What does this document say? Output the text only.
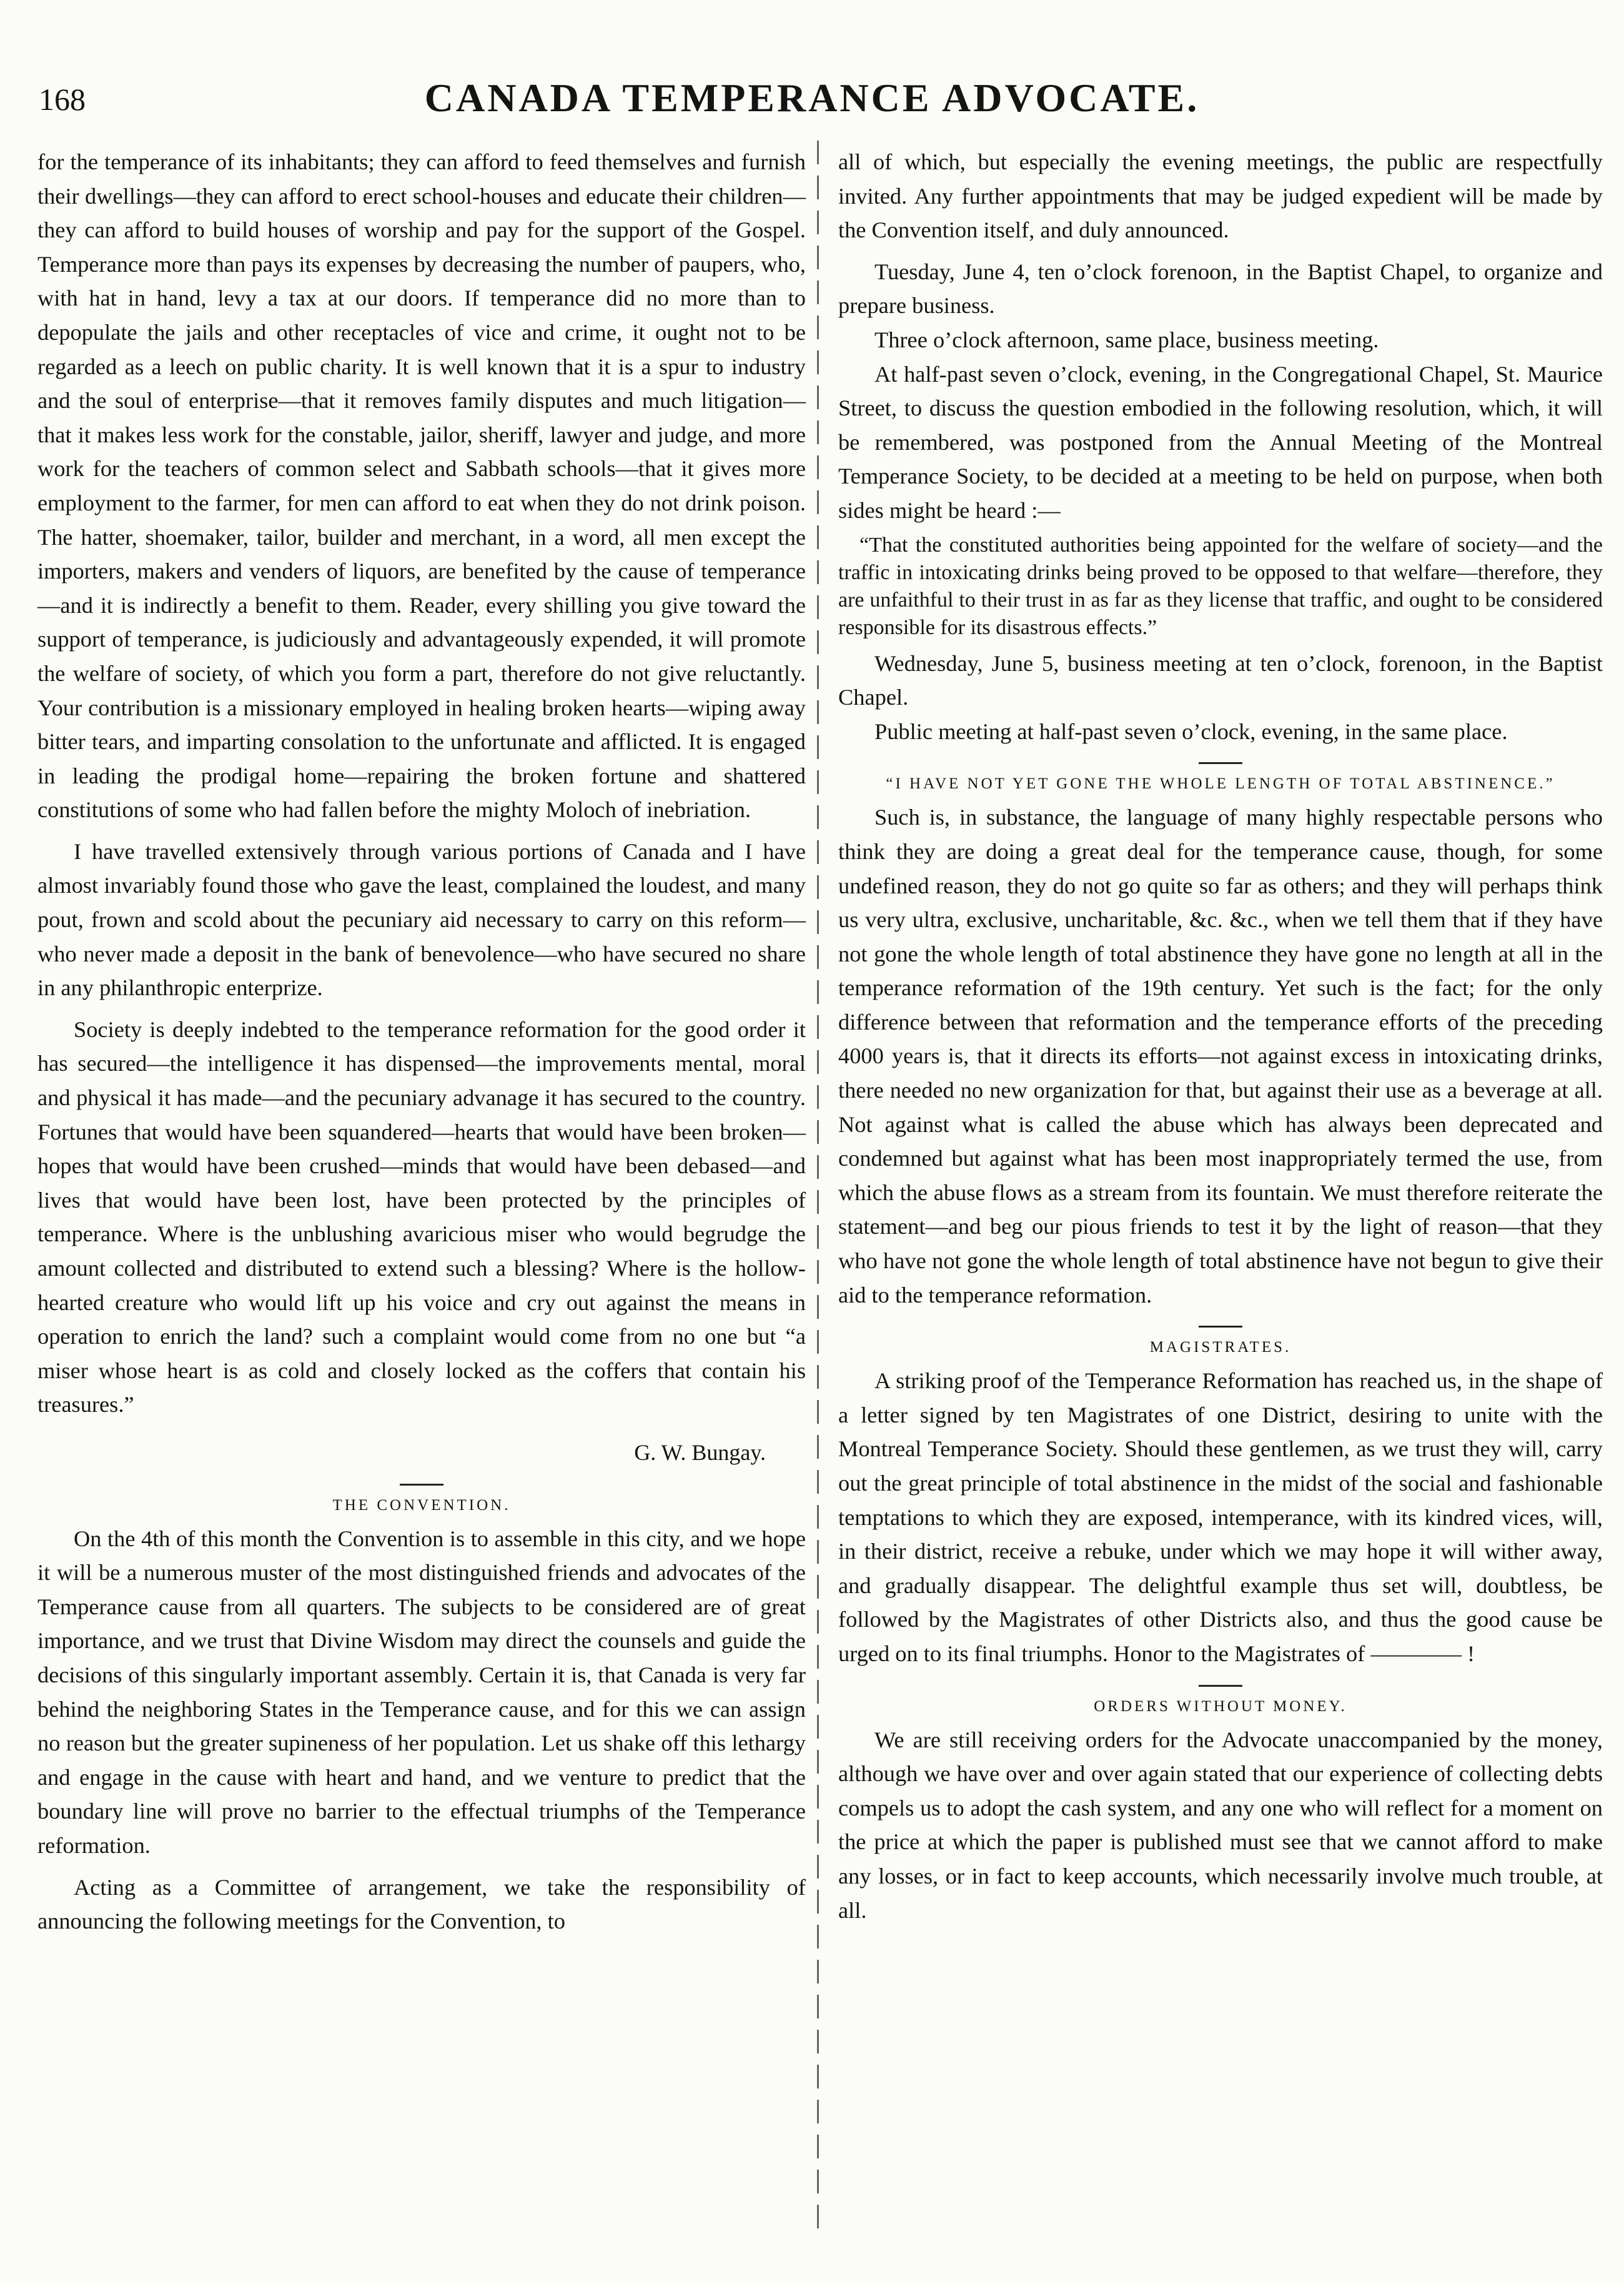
168	CANADA TEMPERANCE ADVOCATE.

for the temperance of its inhabitants; they can afford to feed themselves and furnish their dwellings—they can afford to erect school-houses and educate their children—they can afford to build houses of worship and pay for the support of the Gospel. Temperance more than pays its expenses by decreasing the number of paupers, who, with hat in hand, levy a tax at our doors. If temperance did no more than to depopulate the jails and other receptacles of vice and crime, it ought not to be regarded as a leech on public charity. It is well known that it is a spur to industry and the soul of enterprise—that it removes family disputes and much litigation—that it makes less work for the constable, jailor, sheriff, lawyer and judge, and more work for the teachers of common select and Sabbath schools—that it gives more employment to the farmer, for men can afford to eat when they do not drink poison. The hatter, shoemaker, tailor, builder and merchant, in a word, all men except the importers, makers and venders of liquors, are benefited by the cause of temperance—and it is indirectly a benefit to them. Reader, every shilling you give toward the support of temperance, is judiciously and advantageously expended, it will promote the welfare of society, of which you form a part, therefore do not give reluctantly. Your contribution is a missionary employed in healing broken hearts—wiping away bitter tears, and imparting consolation to the unfortunate and afflicted. It is engaged in leading the prodigal home—repairing the broken fortune and shattered constitutions of some who had fallen before the mighty Moloch of inebriation.

I have travelled extensively through various portions of Canada and I have almost invariably found those who gave the least, complained the loudest, and many pout, frown and scold about the pecuniary aid necessary to carry on this reform—who never made a deposit in the bank of benevolence—who have secured no share in any philanthropic enterprize.

Society is deeply indebted to the temperance reformation for the good order it has secured—the intelligence it has dispensed—the improvements mental, moral and physical it has made—and the pecuniary advanage it has secured to the country. Fortunes that would have been squandered—hearts that would have been broken—hopes that would have been crushed—minds that would have been debased—and lives that would have been lost, have been protected by the principles of temperance. Where is the unblushing avaricious miser who would begrudge the amount collected and distributed to extend such a blessing? Where is the hollow-hearted creature who would lift up his voice and cry out against the means in operation to enrich the land? such a complaint would come from no one but “a miser whose heart is as cold and closely locked as the coffers that contain his treasures.”

G. W. Bungay.
THE CONVENTION.

On the 4th of this month the Convention is to assemble in this city, and we hope it will be a numerous muster of the most distinguished friends and advocates of the Temperance cause from all quarters. The subjects to be considered are of great importance, and we trust that Divine Wisdom may direct the counsels and guide the decisions of this singularly important assembly. Certain it is, that Canada is very far behind the neighboring States in the Temperance cause, and for this we can assign no reason but the greater supineness of her population. Let us shake off this lethargy and engage in the cause with heart and hand, and we venture to predict that the boundary line will prove no barrier to the effectual triumphs of the Temperance reformation.

Acting as a Committee of arrangement, we take the responsibility of announcing the following meetings for the Convention, to

all of which, but especially the evening meetings, the public are respectfully invited. Any further appointments that may be judged expedient will be made by the Convention itself, and duly announced.

Tuesday, June 4, ten o’clock forenoon, in the Baptist Chapel, to organize and prepare business.

Three o’clock afternoon, same place, business meeting.

At half-past seven o’clock, evening, in the Congregational Chapel, St. Maurice Street, to discuss the question embodied in the following resolution, which, it will be remembered, was postponed from the Annual Meeting of the Montreal Temperance Society, to be decided at a meeting to be held on purpose, when both sides might be heard :—

“That the constituted authorities being appointed for the welfare of society—and the traffic in intoxicating drinks being proved to be opposed to that welfare—therefore, they are unfaithful to their trust in as far as they license that traffic, and ought to be considered responsible for its disastrous effects.”

Wednesday, June 5, business meeting at ten o’clock, forenoon, in the Baptist Chapel.

Public meeting at half-past seven o’clock, evening, in the same place.

“I HAVE NOT YET GONE THE WHOLE LENGTH OF TOTAL ABSTINENCE.”

Such is, in substance, the language of many highly respectable persons who think they are doing a great deal for the temperance cause, though, for some undefined reason, they do not go quite so far as others; and they will perhaps think us very ultra, exclusive, uncharitable, &c. &c., when we tell them that if they have not gone the whole length of total abstinence they have gone no length at all in the temperance reformation of the 19th century. Yet such is the fact; for the only difference between that reformation and the temperance efforts of the preceding 4000 years is, that it directs its efforts—not against excess in intoxicating drinks, there needed no new organization for that, but against their use as a beverage at all. Not against what is called the abuse which has always been deprecated and condemned but against what has been most inappropriately termed the use, from which the abuse flows as a stream from its fountain. We must therefore reiterate the statement—and beg our pious friends to test it by the light of reason—that they who have not gone the whole length of total abstinence have not begun to give their aid to the temperance reformation.

MAGISTRATES.

A striking proof of the Temperance Reformation has reached us, in the shape of a letter signed by ten Magistrates of one District, desiring to unite with the Montreal Temperance Society. Should these gentlemen, as we trust they will, carry out the great principle of total abstinence in the midst of the social and fashionable temptations to which they are exposed, intemperance, with its kindred vices, will, in their district, receive a rebuke, under which we may hope it will wither away, and gradually disappear. The delightful example thus set will, doubtless, be followed by the Magistrates of other Districts also, and thus the good cause be urged on to its final triumphs. Honor to the Magistrates of ———— !

ORDERS WITHOUT MONEY.

We are still receiving orders for the Advocate unaccompanied by the money, although we have over and over again stated that our experience of collecting debts compels us to adopt the cash system, and any one who will reflect for a moment on the price at which the paper is published must see that we cannot afford to make any losses, or in fact to keep accounts, which necessarily involve much trouble, at all.
